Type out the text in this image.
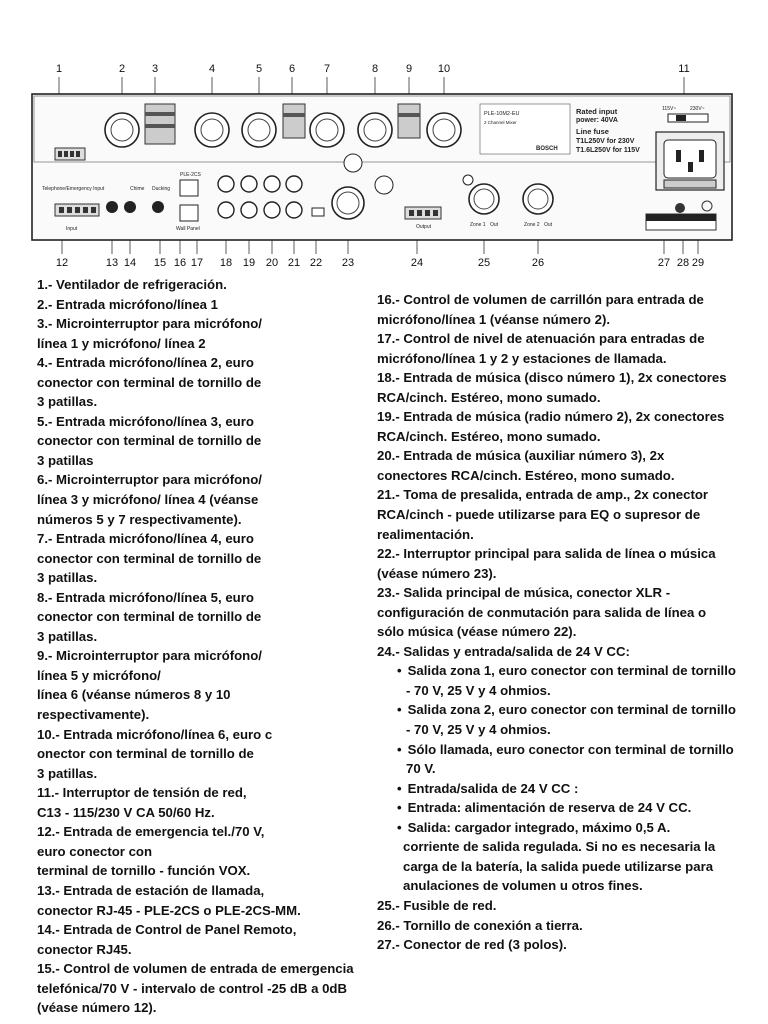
1	2 3	4	5 6	7	8	9 10	11
12	13 14 15 16 17 18 19 20 21 22 23	24	25	26	27 28 29
PLE-10M2-EU
2 Channel Mixer
BOSCH
Rated input
power: 40VA
Line fuse
T1L250V for 230V
T1.6L250V for 115V
115V~	230V~
Warning
Telephone/Emergency Input
Input
Chime Ducking
PLE-2CS
Wall Panel	Output	Zone 1 Out	Zone 2 Out
1.- Ventilador de refrigeración.
2.- Entrada micrófono/línea 1
3.- Microinterruptor para micrófono/
línea 1 y micrófono/ línea 2
4.- Entrada micrófono/línea 2, euro
conector con terminal de tornillo de
3 patillas.
5.- Entrada micrófono/línea 3, euro
conector con terminal de tornillo de
3 patillas
6.- Microinterruptor para micrófono/
línea 3 y micrófono/ línea 4 (véanse
números 5 y 7 respectivamente).
7.- Entrada micrófono/línea 4, euro
conector con terminal de tornillo de
3 patillas.
8.- Entrada micrófono/línea 5, euro
conector con terminal de tornillo de
3 patillas.
9.- Microinterruptor para micrófono/
línea 5 y micrófono/
línea 6 (véanse números 8 y 10
respectivamente).
10.- Entrada micrófono/línea 6, euro c
onector con terminal de tornillo de
3 patillas.
11.- Interruptor de tensión de red,
C13 - 115/230 V CA 50/60 Hz.
12.- Entrada de emergencia tel./70 V,
euro conector con
terminal de tornillo - función VOX.
13.- Entrada de estación de llamada,
conector RJ-45 - PLE-2CS o PLE-2CS-MM.
14.- Entrada de Control de Panel Remoto,
conector RJ45.
15.- Control de volumen de entrada de emergencia
telefónica/70 V - intervalo de control -25 dB a 0dB
(véase número 12).
16.- Control de volumen de carrillón para entrada de
micrófono/línea 1 (véanse número 2).
17.- Control de nivel de atenuación para entradas de
micrófono/línea 1 y 2 y estaciones de llamada.
18.- Entrada de música (disco número 1), 2x conectores
RCA/cinch. Estéreo, mono sumado.
19.- Entrada de música (radio número 2), 2x conectores
RCA/cinch. Estéreo, mono sumado.
20.- Entrada de música (auxiliar número 3), 2x
conectores RCA/cinch. Estéreo, mono sumado.
21.- Toma de presalida, entrada de amp., 2x conector
RCA/cinch - puede utilizarse para EQ o supresor de
realimentación.
22.- Interruptor principal para salida de línea o música
(véase número 23).
23.- Salida principal de música, conector XLR -
configuración de conmutación para salida de línea o
sólo música (véase número 22).
24.- Salidas y entrada/salida de 24 V CC:
• Salida zona 1, euro conector con terminal de tornillo
- 70 V, 25 V y 4 ohmios.
• Salida zona 2, euro conector con terminal de tornillo
- 70 V, 25 V y 4 ohmios.
• Sólo llamada, euro conector con terminal de tornillo
70 V.
• Entrada/salida de 24 V CC :
• Entrada: alimentación de reserva de 24 V CC.
• Salida: cargador integrado, máximo 0,5 A.
corriente de salida regulada. Si no es necesaria la
carga de la batería, la salida puede utilizarse para
anulaciones de volumen u otros fines.
25.- Fusible de red.
26.- Tornillo de conexión a tierra.
27.- Conector de red (3 polos).
